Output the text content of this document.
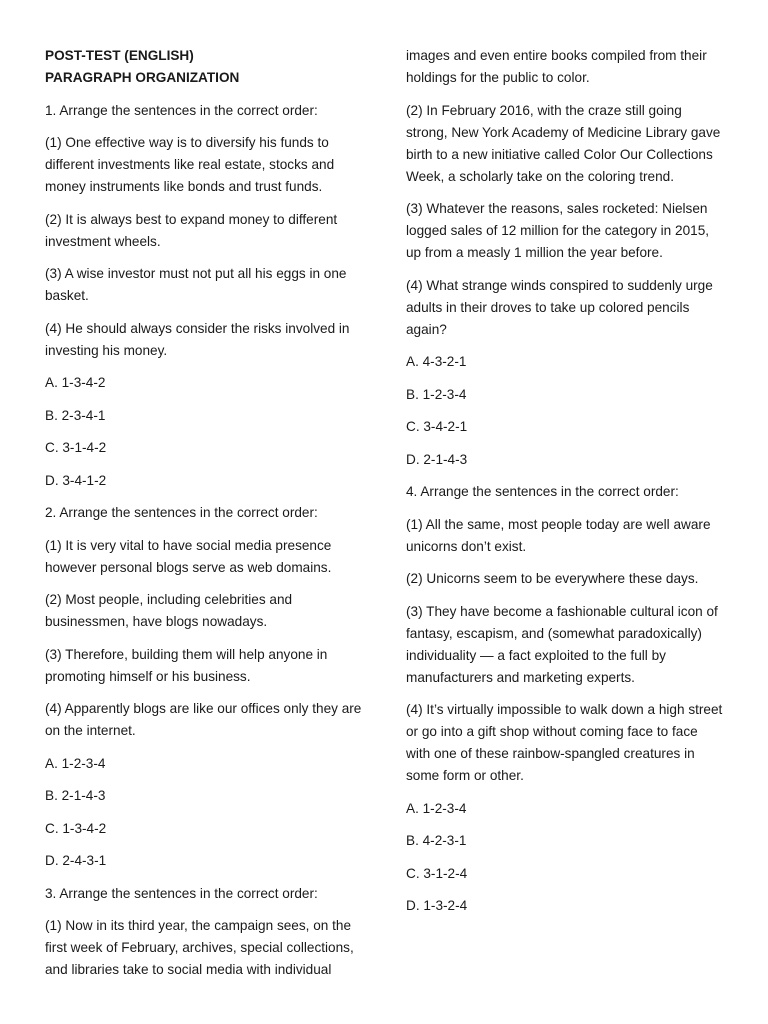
POST-TEST (ENGLISH)

PARAGRAPH ORGANIZATION

1. Arrange the sentences in the correct order:

(1) One effective way is to diversify his funds to different investments like real estate, stocks and money instruments like bonds and trust funds.

(2) It is always best to expand money to different investment wheels.

(3) A wise investor must not put all his eggs in one basket.

(4) He should always consider the risks involved in investing his money.

A. 1-3-4-2

B. 2-3-4-1

C. 3-1-4-2

D. 3-4-1-2

2. Arrange the sentences in the correct order:

(1) It is very vital to have social media presence however personal blogs serve as web domains.

(2) Most people, including celebrities and businessmen, have blogs nowadays.

(3) Therefore, building them will help anyone in promoting himself or his business.

(4) Apparently blogs are like our offices only they are on the internet.

A. 1-2-3-4

B. 2-1-4-3

C. 1-3-4-2

D. 2-4-3-1

3. Arrange the sentences in the correct order:

(1) Now in its third year, the campaign sees, on the first week of February, archives, special collections, and libraries take to social media with individual

images and even entire books compiled from their holdings for the public to color.

(2) In February 2016, with the craze still going strong, New York Academy of Medicine Library gave birth to a new initiative called Color Our Collections Week, a scholarly take on the coloring trend.

(3) Whatever the reasons, sales rocketed: Nielsen logged sales of 12 million for the category in 2015, up from a measly 1 million the year before.

(4) What strange winds conspired to suddenly urge adults in their droves to take up colored pencils again?

A. 4-3-2-1

B. 1-2-3-4

C. 3-4-2-1

D. 2-1-4-3

4. Arrange the sentences in the correct order:

(1) All the same, most people today are well aware unicorns don’t exist.

(2) Unicorns seem to be everywhere these days.

(3) They have become a fashionable cultural icon of fantasy, escapism, and (somewhat paradoxically) individuality — a fact exploited to the full by manufacturers and marketing experts.

(4) It’s virtually impossible to walk down a high street or go into a gift shop without coming face to face with one of these rainbow-spangled creatures in some form or other.

A. 1-2-3-4

B. 4-2-3-1

C. 3-1-2-4

D. 1-3-2-4
